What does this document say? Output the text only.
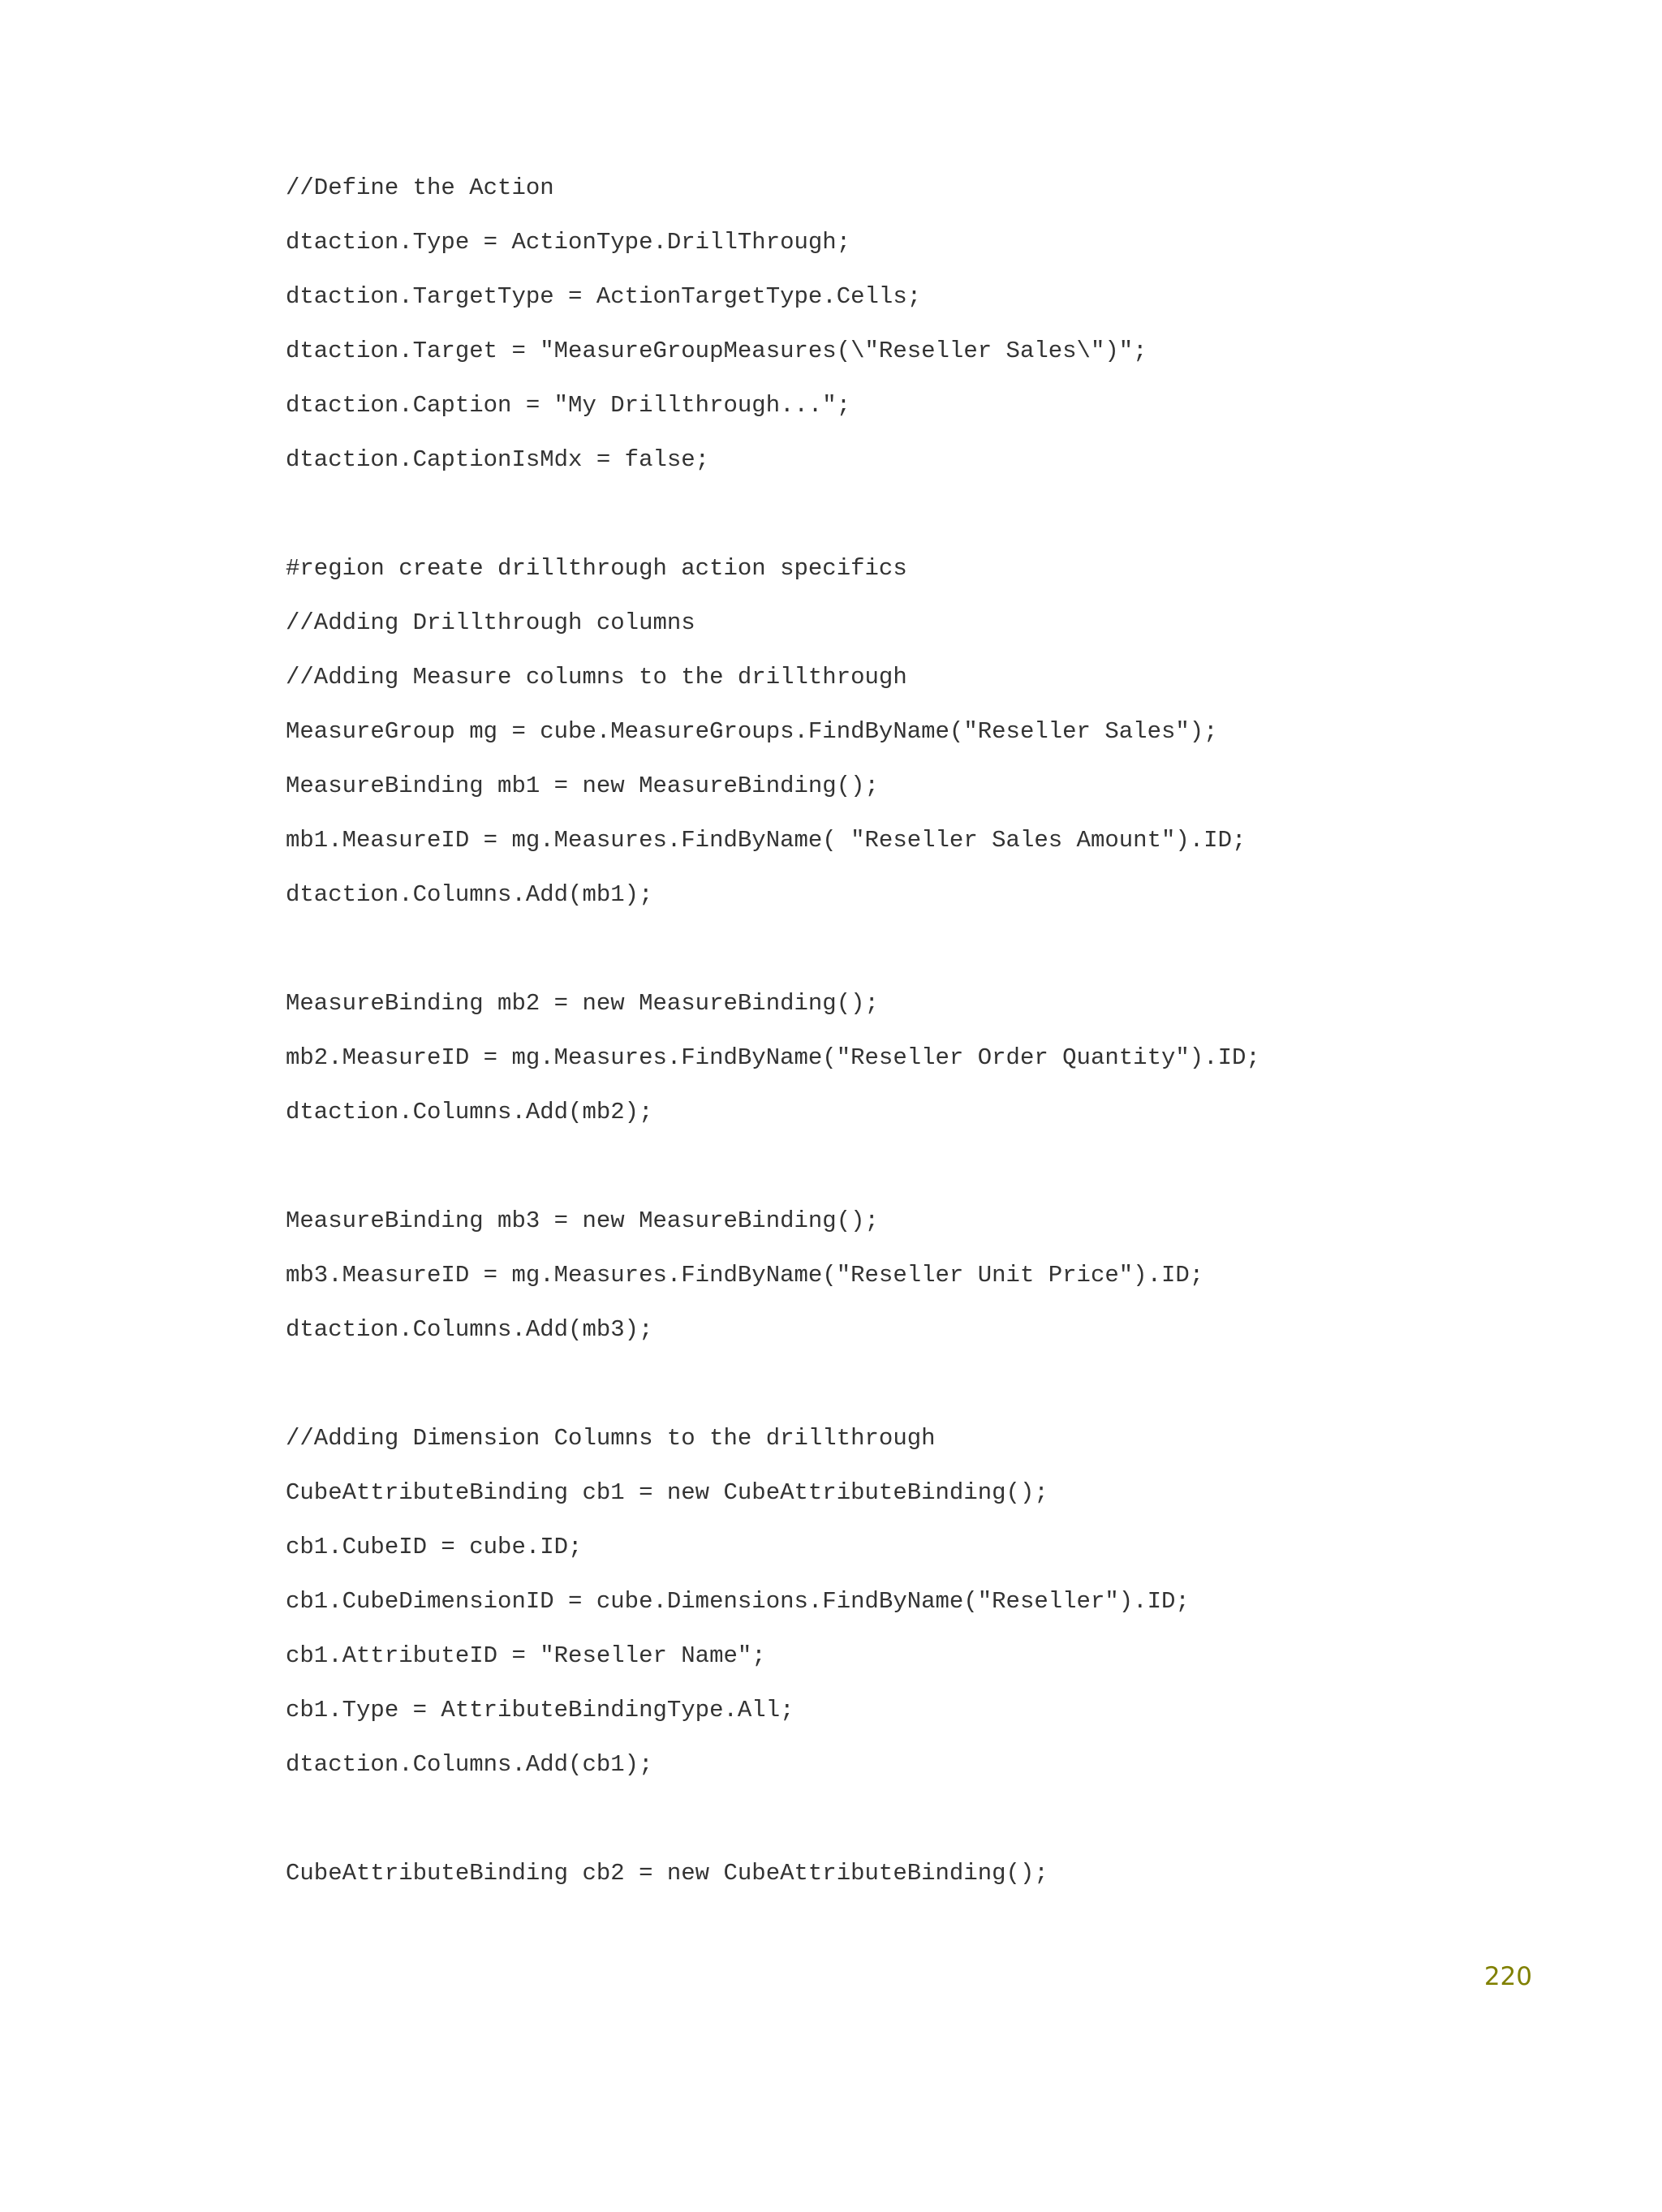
//Define the Action
dtaction.Type = ActionType.DrillThrough;
dtaction.TargetType = ActionTargetType.Cells;
dtaction.Target = "MeasureGroupMeasures(\"Reseller Sales\")";
dtaction.Caption = "My Drillthrough...";
dtaction.CaptionIsMdx = false;
#region create drillthrough action specifics
//Adding Drillthrough columns
//Adding Measure columns to the drillthrough
MeasureGroup mg = cube.MeasureGroups.FindByName("Reseller Sales");
MeasureBinding mb1 = new MeasureBinding();
mb1.MeasureID = mg.Measures.FindByName( "Reseller Sales Amount").ID;
dtaction.Columns.Add(mb1);
MeasureBinding mb2 = new MeasureBinding();
mb2.MeasureID = mg.Measures.FindByName("Reseller Order Quantity").ID;
dtaction.Columns.Add(mb2);
MeasureBinding mb3 = new MeasureBinding();
mb3.MeasureID = mg.Measures.FindByName("Reseller Unit Price").ID;
dtaction.Columns.Add(mb3);
//Adding Dimension Columns to the drillthrough
CubeAttributeBinding cb1 = new CubeAttributeBinding();
cb1.CubeID = cube.ID;
cb1.CubeDimensionID = cube.Dimensions.FindByName("Reseller").ID;
cb1.AttributeID = "Reseller Name";
cb1.Type = AttributeBindingType.All;
dtaction.Columns.Add(cb1);
CubeAttributeBinding cb2 = new CubeAttributeBinding();
220
